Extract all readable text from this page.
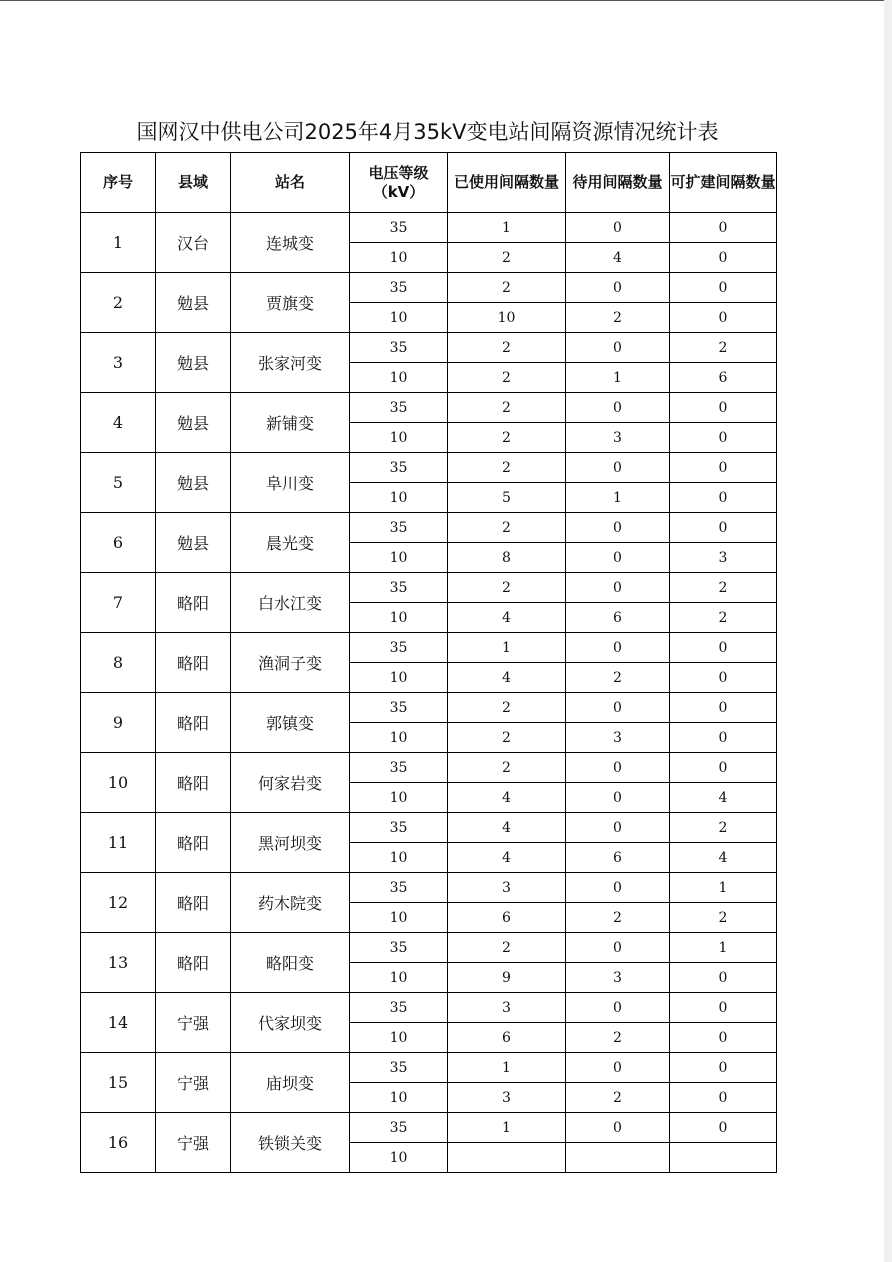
国网汉中供电公司2025年4月35kV变电站间隔资源情况统计表
序号	县域	站名	电压等级（kV）	已使用间隔数量	待用间隔数量	可扩建间隔数量
1	汉台	连城变	35	1	0	0
			10	2	4	0
2	勉县	贾旗变	35	2	0	0
			10	10	2	0
3	勉县	张家河变	35	2	0	2
			10	2	1	6
4	勉县	新铺变	35	2	0	0
			10	2	3	0
5	勉县	阜川变	35	2	0	0
			10	5	1	0
6	勉县	晨光变	35	2	0	0
			10	8	0	3
7	略阳	白水江变	35	2	0	2
			10	4	6	2
8	略阳	渔洞子变	35	1	0	0
			10	4	2	0
9	略阳	郭镇变	35	2	0	0
			10	2	3	0
10	略阳	何家岩变	35	2	0	0
			10	4	0	4
11	略阳	黑河坝变	35	4	0	2
			10	4	6	4
12	略阳	药木院变	35	3	0	1
			10	6	2	2
13	略阳	略阳变	35	2	0	1
			10	9	3	0
14	宁强	代家坝变	35	3	0	0
			10	6	2	0
15	宁强	庙坝变	35	1	0	0
			10	3	2	0
16	宁强	铁锁关变	35	1	0	0
			10			
